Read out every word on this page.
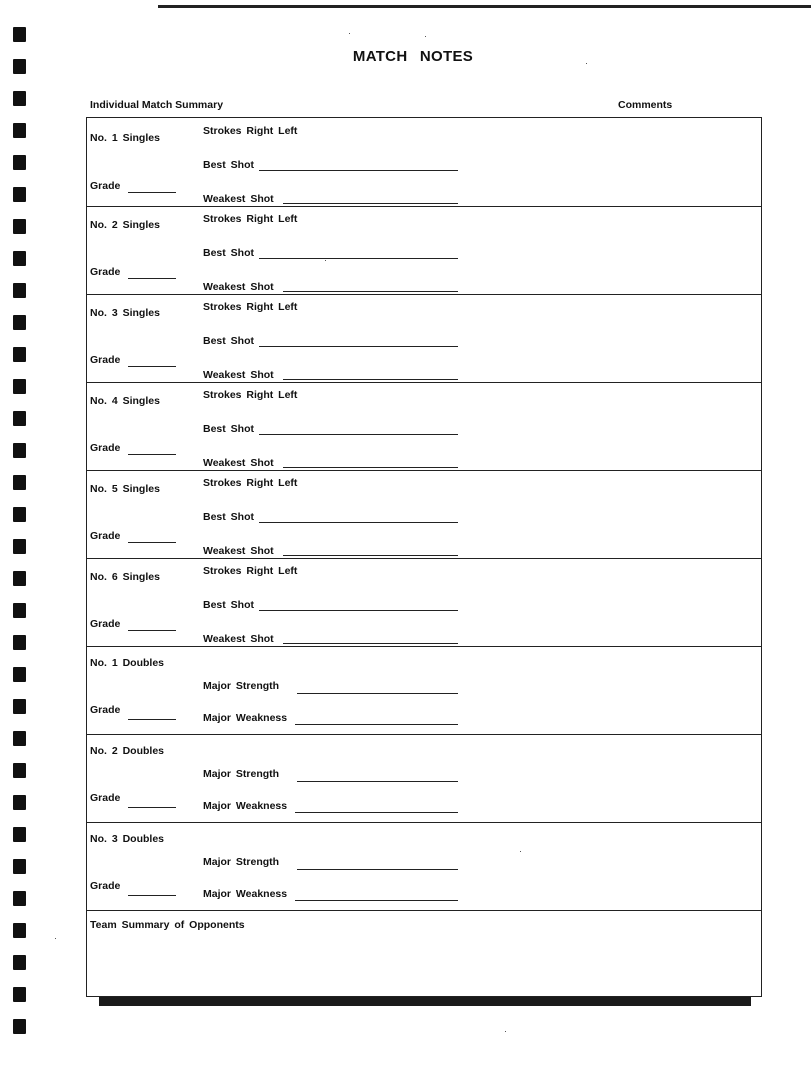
MATCH NOTES
Individual Match Summary	Comments
No. 1 Singles
Strokes Right Left
Best Shot
Grade
Weakest Shot
No. 2 Singles	Strokes Right Left
Best Shot
Grade
Weakest Shot
No. 3 Singles	Strokes Right Left
Best Shot
Grade
Weakest Shot
No. 4 Singles	Strokes Right Left
Best Shot
Grade
Weakest Shot
No. 5 Singles	Strokes Right Left
Best Shot
Grade
Weakest Shot
No. 6 Singles	Strokes Right Left
Best Shot
Grade
Weakest Shot
No. 1 Doubles
Major Strength
Grade
Major Weakness
No. 2 Doubles
Major Strength
Grade
Major Weakness
No. 3 Doubles
Major Strength
Grade
Major Weakness
Team Summary of Opponents
